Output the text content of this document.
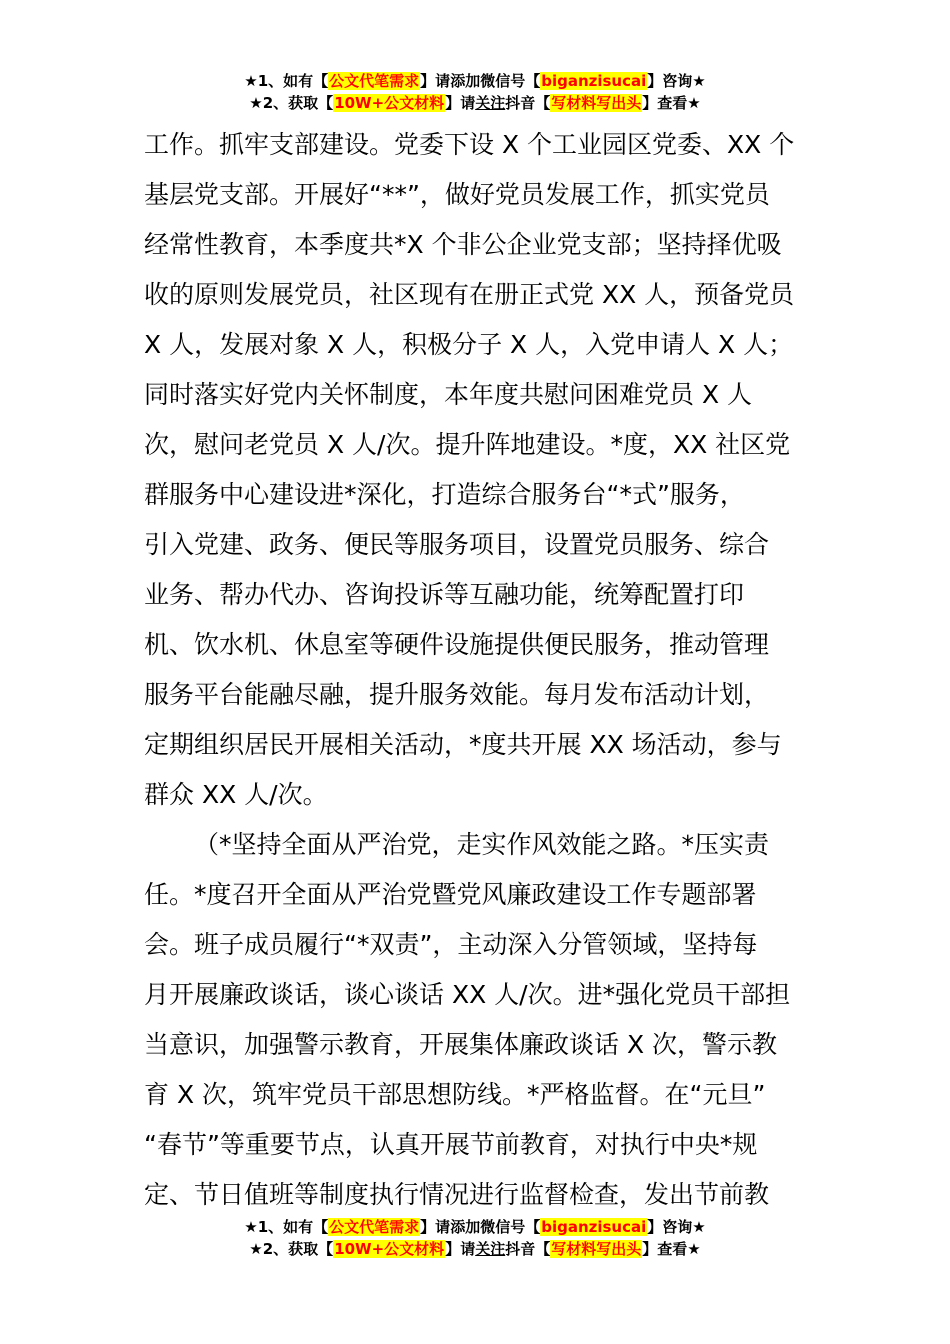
★1、如有【公文代笔需求】请添加微信号【biganzisucai】咨询★
★2、获取【10W+公文材料】请关注抖音【写材料写出头】查看★
工作。抓牢支部建设。党委下设 X 个工业园区党委、XX 个
基层党支部。开展好“**”，做好党员发展工作，抓实党员
经常性教育，本季度共*X 个非公企业党支部；坚持择优吸
收的原则发展党员，社区现有在册正式党 XX 人，预备党员
X 人，发展对象 X 人，积极分子 X 人，入党申请人 X 人；
同时落实好党内关怀制度，本年度共慰问困难党员 X 人
次，慰问老党员 X 人/次。提升阵地建设。*度，XX 社区党
群服务中心建设进*深化，打造综合服务台“*式”服务，
引入党建、政务、便民等服务项目，设置党员服务、综合
业务、帮办代办、咨询投诉等互融功能，统筹配置打印
机、饮水机、休息室等硬件设施提供便民服务，推动管理
服务平台能融尽融，提升服务效能。每月发布活动计划，
定期组织居民开展相关活动，*度共开展 XX 场活动，参与
群众 XX 人/次。
（*坚持全面从严治党，走实作风效能之路。*压实责
任。*度召开全面从严治党暨党风廉政建设工作专题部署
会。班子成员履行“*双责”，主动深入分管领域，坚持每
月开展廉政谈话，谈心谈话 XX 人/次。进*强化党员干部担
当意识，加强警示教育，开展集体廉政谈话 X 次，警示教
育 X 次，筑牢党员干部思想防线。*严格监督。在“元旦”
“春节”等重要节点，认真开展节前教育，对执行中央*规
定、节日值班等制度执行情况进行监督检查，发出节前教
★1、如有【公文代笔需求】请添加微信号【biganzisucai】咨询★
★2、获取【10W+公文材料】请关注抖音【写材料写出头】查看★
